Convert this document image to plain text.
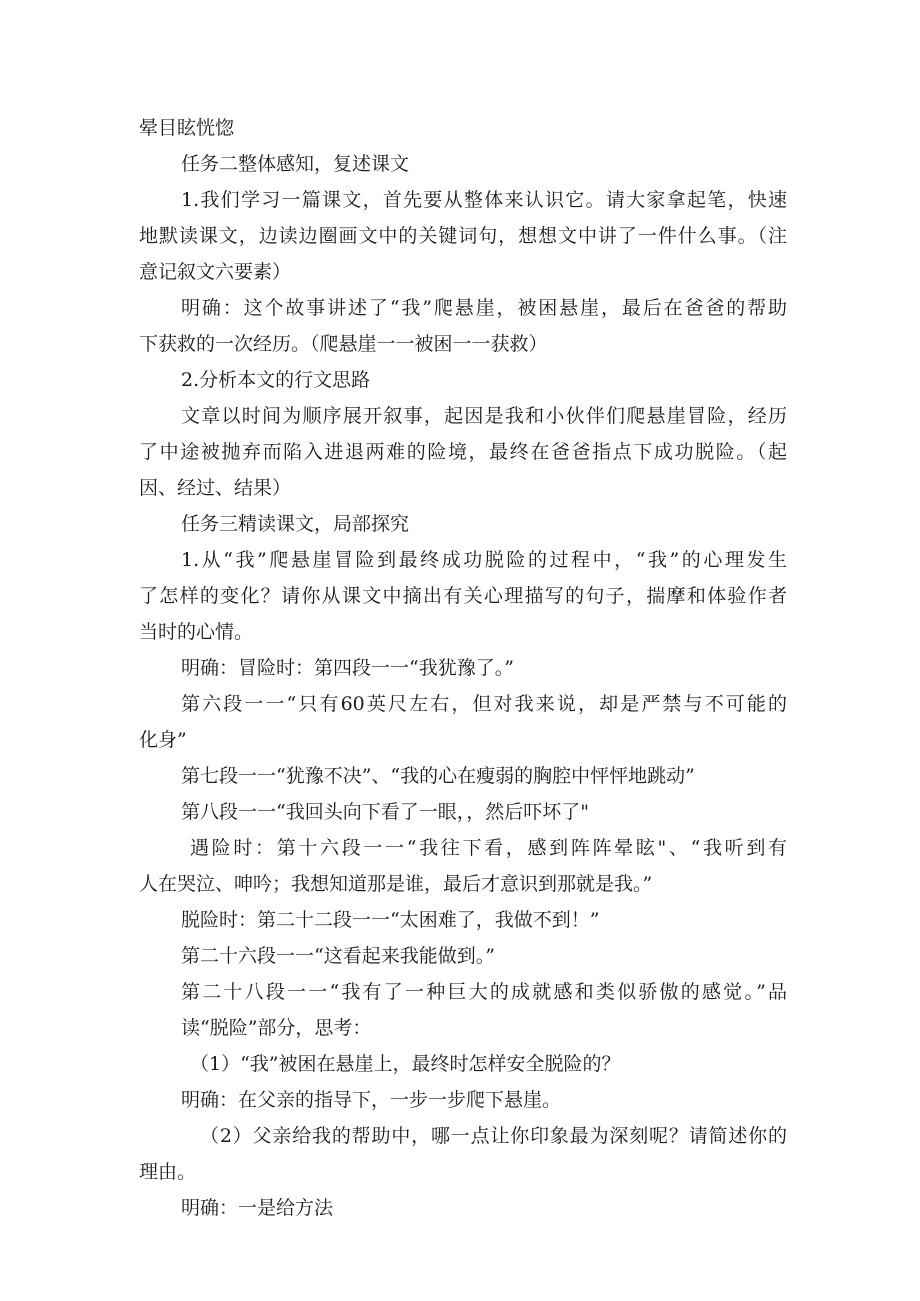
晕目眩恍惚
任务二整体感知，复述课文
1.我们学习一篇课文，首先要从整体来认识它。请大家拿起笔，快速
地默读课文，边读边圈画文中的关键词句，想想文中讲了一件什么事。（注
意记叙文六要素）
明确：这个故事讲述了“我”爬悬崖，被困悬崖，最后在爸爸的帮助
下获救的一次经历。（爬悬崖一一被困一一获救）
2.分析本文的行文思路
文章以时间为顺序展开叙事，起因是我和小伙伴们爬悬崖冒险，经历
了中途被抛弃而陷入进退两难的险境，最终在爸爸指点下成功脱险。（起
因、经过、结果）
任务三精读课文，局部探究
1.从“我”爬悬崖冒险到最终成功脱险的过程中，“我”的心理发生
了怎样的变化？请你从课文中摘出有关心理描写的句子，揣摩和体验作者
当时的心情。
明确：冒险时：第四段一一“我犹豫了。”
第六段一一“只有60英尺左右，但对我来说，却是严禁与不可能的
化身”
第七段一一“犹豫不决”、“我的心在瘦弱的胸腔中怦怦地跳动”
第八段一一“我回头向下看了一眼，，然后吓坏了"
遇险时：第十六段一一“我往下看，感到阵阵晕眩"、“我听到有
人在哭泣、呻吟；我想知道那是谁，最后才意识到那就是我。”
脱险时：第二十二段一一“太困难了，我做不到！”
第二十六段一一“这看起来我能做到。”
第二十八段一一“我有了一种巨大的成就感和类似骄傲的感觉。”品
读“脱险”部分，思考：
（1）“我”被困在悬崖上，最终时怎样安全脱险的？
明确：在父亲的指导下，一步一步爬下悬崖。
（2）父亲给我的帮助中，哪一点让你印象最为深刻呢？请简述你的
理由。
明确：一是给方法
